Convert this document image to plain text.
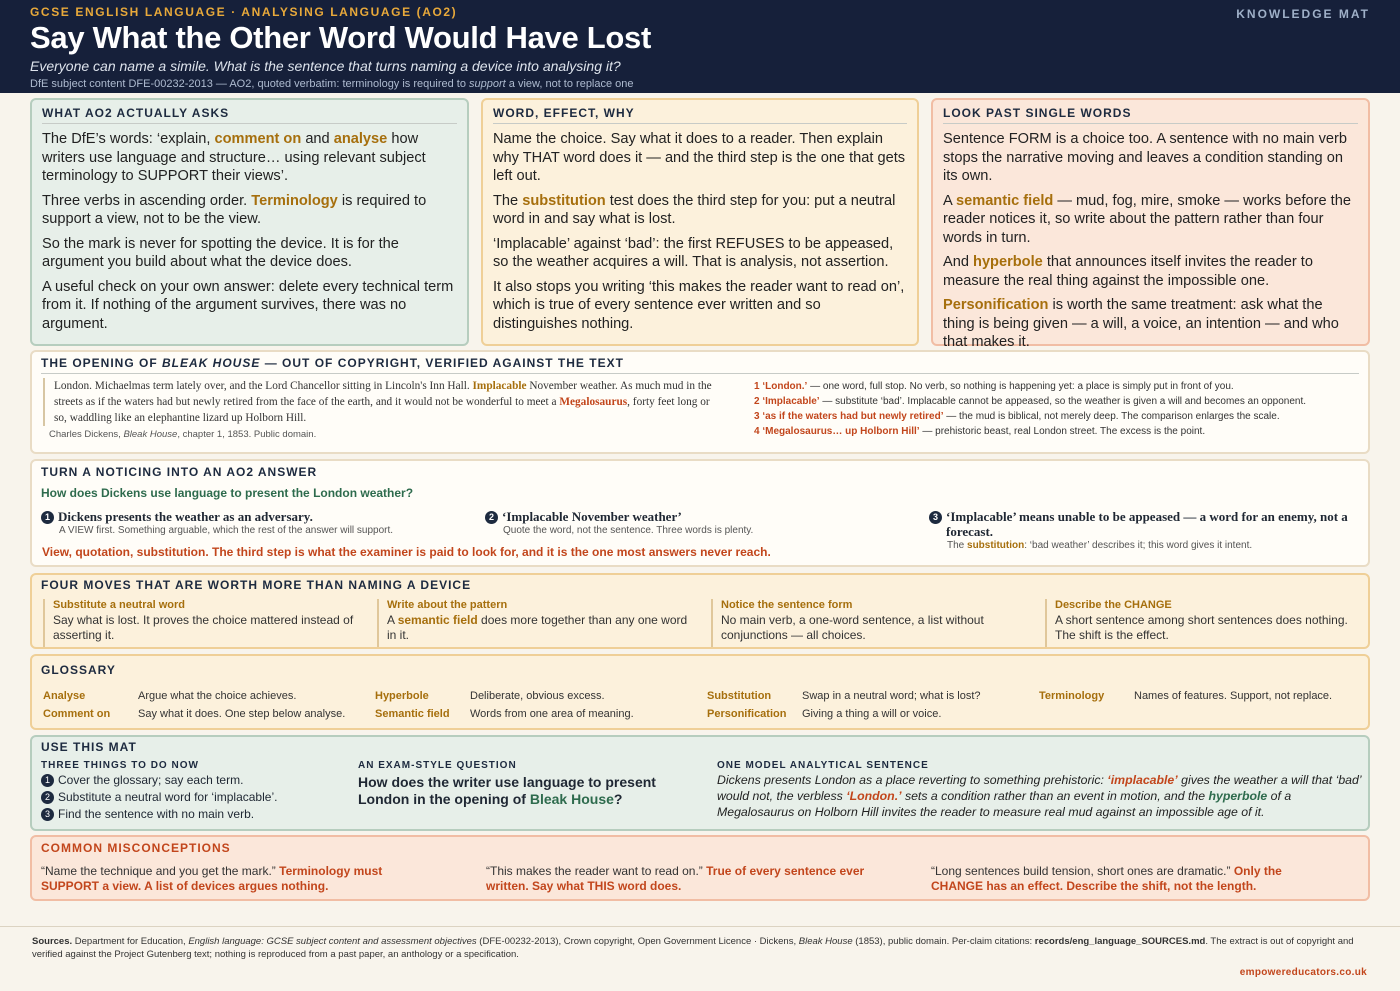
GCSE ENGLISH LANGUAGE · ANALYSING LANGUAGE (AO2)	KNOWLEDGE MAT
Say What the Other Word Would Have Lost
Everyone can name a simile. What is the sentence that turns naming a device into analysing it?
DfE subject content DFE-00232-2013 — AO2, quoted verbatim: terminology is required to support a view, not to replace one
WHAT AO2 ACTUALLY ASKS

The DfE’s words: ‘explain, comment on and analyse how writers use language and structure… using relevant subject terminology to SUPPORT their views’.

Three verbs in ascending order. Terminology is required to support a view, not to be the view.

So the mark is never for spotting the device. It is for the argument you build about what the device does.

A useful check on your own answer: delete every technical term from it. If nothing of the argument survives, there was no argument.

WORD, EFFECT, WHY

Name the choice. Say what it does to a reader. Then explain why THAT word does it — and the third step is the one that gets left out.

The substitution test does the third step for you: put a neutral word in and say what is lost.

‘Implacable’ against ‘bad’: the first REFUSES to be appeased, so the weather acquires a will. That is analysis, not assertion.

It also stops you writing ‘this makes the reader want to read on’, which is true of every sentence ever written and so distinguishes nothing.

LOOK PAST SINGLE WORDS

Sentence FORM is a choice too. A sentence with no main verb stops the narrative moving and leaves a condition standing on its own.

A semantic field — mud, fog, mire, smoke — works before the reader notices it, so write about the pattern rather than four words in turn.

And hyperbole that announces itself invites the reader to measure the real thing against the impossible one.

Personification is worth the same treatment: ask what the thing is being given — a will, a voice, an intention — and who that makes it.

THE OPENING OF BLEAK HOUSE — OUT OF COPYRIGHT, VERIFIED AGAINST THE TEXT
London. Michaelmas term lately over, and the Lord Chancellor sitting in Lincoln's Inn Hall. Implacable November weather. As much mud in the streets as if the waters had but newly retired from the face of the earth, and it would not be wonderful to meet a Megalosaurus, forty feet long or so, waddling like an elephantine lizard up Holborn Hill.
Charles Dickens, Bleak House, chapter 1, 1853. Public domain.
1 ‘London.’ — one word, full stop. No verb, so nothing is happening yet: a place is simply put in front of you.
2 ‘Implacable’ — substitute ‘bad’. Implacable cannot be appeased, so the weather is given a will and becomes an opponent.
3 ‘as if the waters had but newly retired’ — the mud is biblical, not merely deep. The comparison enlarges the scale.
4 ‘Megalosaurus… up Holborn Hill’ — prehistoric beast, real London street. The excess is the point.
TURN A NOTICING INTO AN AO2 ANSWER
How does Dickens use language to present the London weather?
1 Dickens presents the weather as an adversary.
A VIEW first. Something arguable, which the rest of the answer will support.
2 ‘Implacable November weather’
Quote the word, not the sentence. Three words is plenty.
3 ‘Implacable’ means unable to be appeased — a word for an enemy, not a forecast.
The substitution: ‘bad weather’ describes it; this word gives it intent.
View, quotation, substitution. The third step is what the examiner is paid to look for, and it is the one most answers never reach.
FOUR MOVES THAT ARE WORTH MORE THAN NAMING A DEVICE
Substitute a neutral word
Say what is lost. It proves the choice mattered instead of asserting it.
Write about the pattern
A semantic field does more together than any one word in it.
Notice the sentence form
No main verb, a one-word sentence, a list without conjunctions — all choices.
Describe the CHANGE
A short sentence among short sentences does nothing. The shift is the effect.
GLOSSARY
Analyse	Argue what the choice achieves.
Comment on	Say what it does. One step below analyse.
Hyperbole	Deliberate, obvious excess.
Semantic field Words from one area of meaning.
Substitution	Swap in a neutral word; what is lost?
Personification Giving a thing a will or voice.
Terminology	Names of features. Support, not replace.
USE THIS MAT
THREE THINGS TO DO NOW
1 Cover the glossary; say each term.
2 Substitute a neutral word for ‘implacable’.
3 Find the sentence with no main verb.
AN EXAM-STYLE QUESTION
How does the writer use language to present London in the opening of Bleak House?
ONE MODEL ANALYTICAL SENTENCE
Dickens presents London as a place reverting to something prehistoric: ‘implacable’ gives the weather a will that ‘bad’ would not, the verbless ‘London.’ sets a condition rather than an event in motion, and the hyperbole of a Megalosaurus on Holborn Hill invites the reader to measure real mud against an impossible age of it.
COMMON MISCONCEPTIONS
“Name the technique and you get the mark.” Terminology must SUPPORT a view. A list of devices argues nothing.
“This makes the reader want to read on.” True of every sentence ever written. Say what THIS word does.
“Long sentences build tension, short ones are dramatic.” Only the CHANGE has an effect. Describe the shift, not the length.
Sources. Department for Education, English language: GCSE subject content and assessment objectives (DFE-00232-2013), Crown copyright, Open Government Licence · Dickens, Bleak House (1853), public domain. Per-claim citations: records/eng_language_SOURCES.md. The extract is out of copyright and verified against the Project Gutenberg text; nothing is reproduced from a past paper, an anthology or a specification.
empowereducators.co.uk
